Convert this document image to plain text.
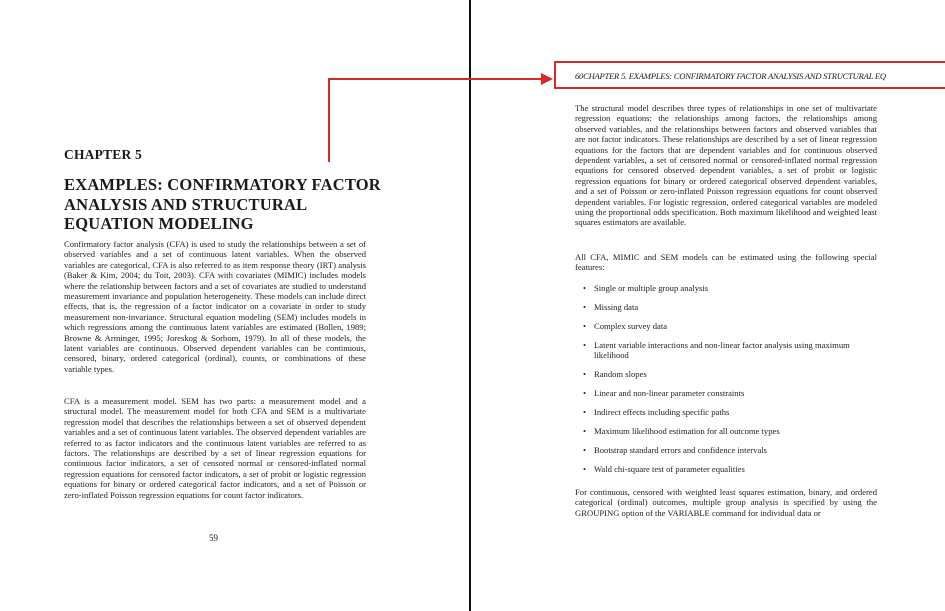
CHAPTER 5
EXAMPLES: CONFIRMATORY FACTOR ANALYSIS AND STRUCTURAL EQUATION MODELING

Confirmatory factor analysis (CFA) is used to study the relationships between a set of observed variables and a set of continuous latent variables. When the observed variables are categorical, CFA is also referred to as item response theory (IRT) analysis (Baker & Kim, 2004; du Toit, 2003). CFA with covariates (MIMIC) includes models where the relationship between factors and a set of covariates are studied to understand measurement invariance and population heterogeneity. These models can include direct effects, that is, the regression of a factor indicator on a covariate in order to study measurement non-invariance. Structural equation modeling (SEM) includes models in which regressions among the continuous latent variables are estimated (Bollen, 1989; Browne & Arminger, 1995; Joreskog & Sorbom, 1979). In all of these models, the latent variables are continuous. Observed dependent variables can be continuous, censored, binary, ordered categorical (ordinal), counts, or combinations of these variable types.

CFA is a measurement model. SEM has two parts: a measurement model and a structural model. The measurement model for both CFA and SEM is a multivariate regression model that describes the relationships between a set of observed dependent variables and a set of continuous latent variables. The observed dependent variables are referred to as factor indicators and the continuous latent variables are referred to as factors. The relationships are described by a set of linear regression equations for continuous factor indicators, a set of censored normal or censored-inflated normal regression equations for censored factor indicators, a set of probit or logistic regression equations for binary or ordered categorical factor indicators, and a set of Poisson or zero-inflated Poisson regression equations for count factor indicators.

59
60CHAPTER 5. EXAMPLES: CONFIRMATORY FACTOR ANALYSIS AND STRUCTURAL EQ

The structural model describes three types of relationships in one set of multivariate regression equations: the relationships among factors, the relationships among observed variables, and the relationships between factors and observed variables that are not factor indicators. These relationships are described by a set of linear regression equations for the factors that are dependent variables and for continuous observed dependent variables, a set of censored normal or censored-inflated normal regression equations for censored observed dependent variables, a set of probit or logistic regression equations for binary or ordered categorical observed dependent variables, and a set of Poisson or zero-inflated Poisson regression equations for count observed dependent variables. For logistic regression, ordered categorical variables are modeled using the proportional odds specification. Both maximum likelihood and weighted least squares estimators are available.

All CFA, MIMIC and SEM models can be estimated using the following special features:

• Single or multiple group analysis
• Missing data
• Complex survey data
• Latent variable interactions and non-linear factor analysis using maximum likelihood
• Random slopes
• Linear and non-linear parameter constraints
• Indirect effects including specific paths
• Maximum likelihood estimation for all outcome types
• Bootstrap standard errors and confidence intervals
• Wald chi-square test of parameter equalities

For continuous, censored with weighted least squares estimation, binary, and ordered categorical (ordinal) outcomes, multiple group analysis is specified by using the GROUPING option of the VARIABLE command for individual data or
